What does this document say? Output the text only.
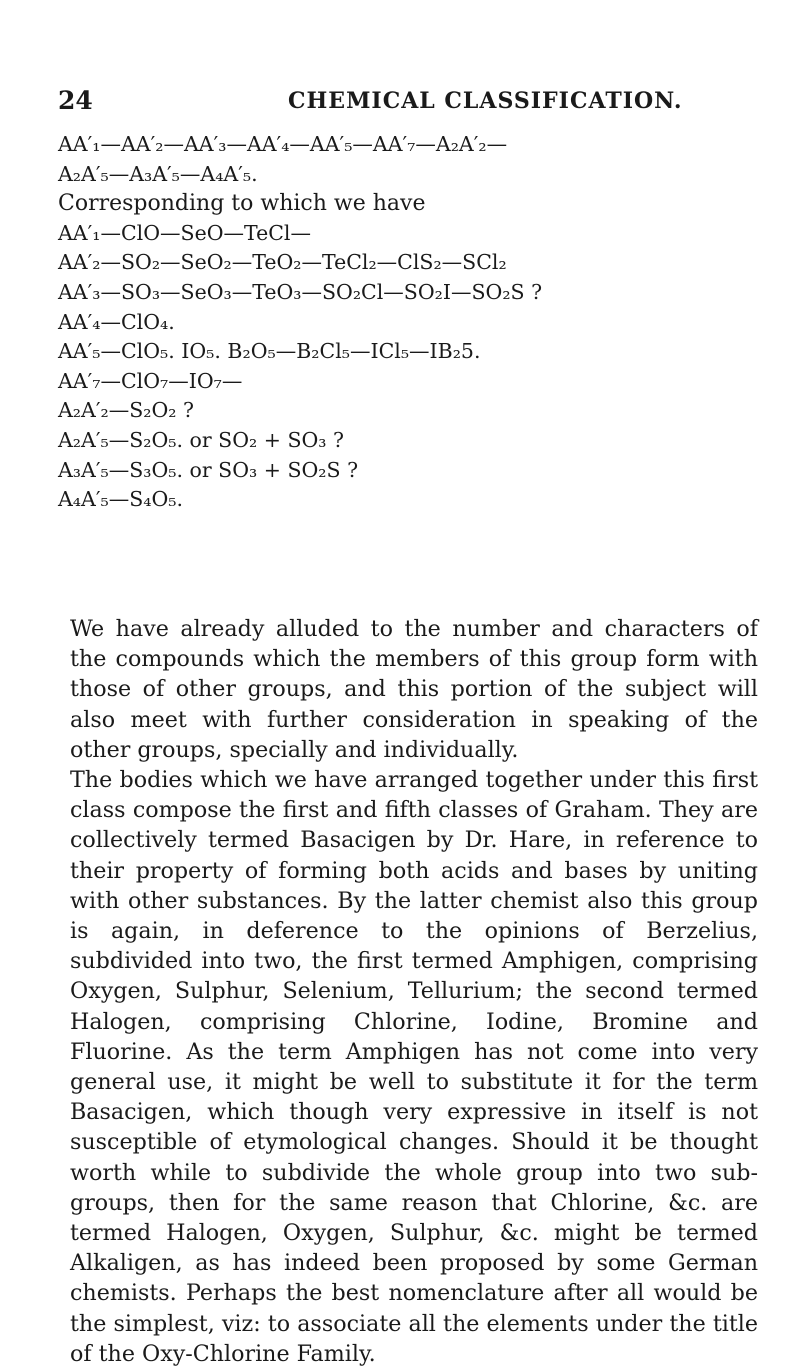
24	CHEMICAL CLASSIFICATION.
AA′₁—AA′₂—AA′₃—AA′₄—AA′₅—AA′₇—A₂A′₂—
A₂A′₅—A₃A′₅—A₄A′₅.
Corresponding to which we have
AA′₁—ClO—SeO—TeCl—
AA′₂—SO₂—SeO₂—TeO₂—TeCl₂—ClS₂—SCl₂
AA′₃—SO₃—SeO₃—TeO₃—SO₂Cl—SO₂I—SO₂S ?
AA′₄—ClO₄.
AA′₅—ClO₅. IO₅. B₂O₅—B₂Cl₅—ICl₅—IB₂5.
AA′₇—ClO₇—IO₇—
A₂A′₂—S₂O₂ ?
A₂A′₅—S₂O₅. or SO₂ + SO₃ ?
A₃A′₅—S₃O₅. or SO₃ + SO₂S ?
A₄A′₅—S₄O₅.

We have already alluded to the number and characters of the compounds which the members of this group form with those of other groups, and this portion of the subject will also meet with further consideration in speaking of the other groups, specially and individually.

The bodies which we have arranged together under this first class compose the first and fifth classes of Graham. They are collectively termed Basacigen by Dr. Hare, in reference to their property of forming both acids and bases by uniting with other substances. By the latter chemist also this group is again, in deference to the opinions of Berzelius, subdivided into two, the first termed Amphigen, comprising Oxygen, Sulphur, Selenium, Tellurium; the second termed Halogen, comprising Chlorine, Iodine, Bromine and Fluorine. As the term Amphigen has not come into very general use, it might be well to substitute it for the term Basacigen, which though very expressive in itself is not susceptible of etymological changes. Should it be thought worth while to subdivide the whole group into two sub-groups, then for the same reason that Chlorine, &c. are termed Halogen, Oxygen, Sulphur, &c. might be termed Alkaligen, as has indeed been proposed by some German chemists. Perhaps the best nomenclature after all would be the simplest, viz: to associate all the elements under the title of the Oxy-Chlorine Family.
